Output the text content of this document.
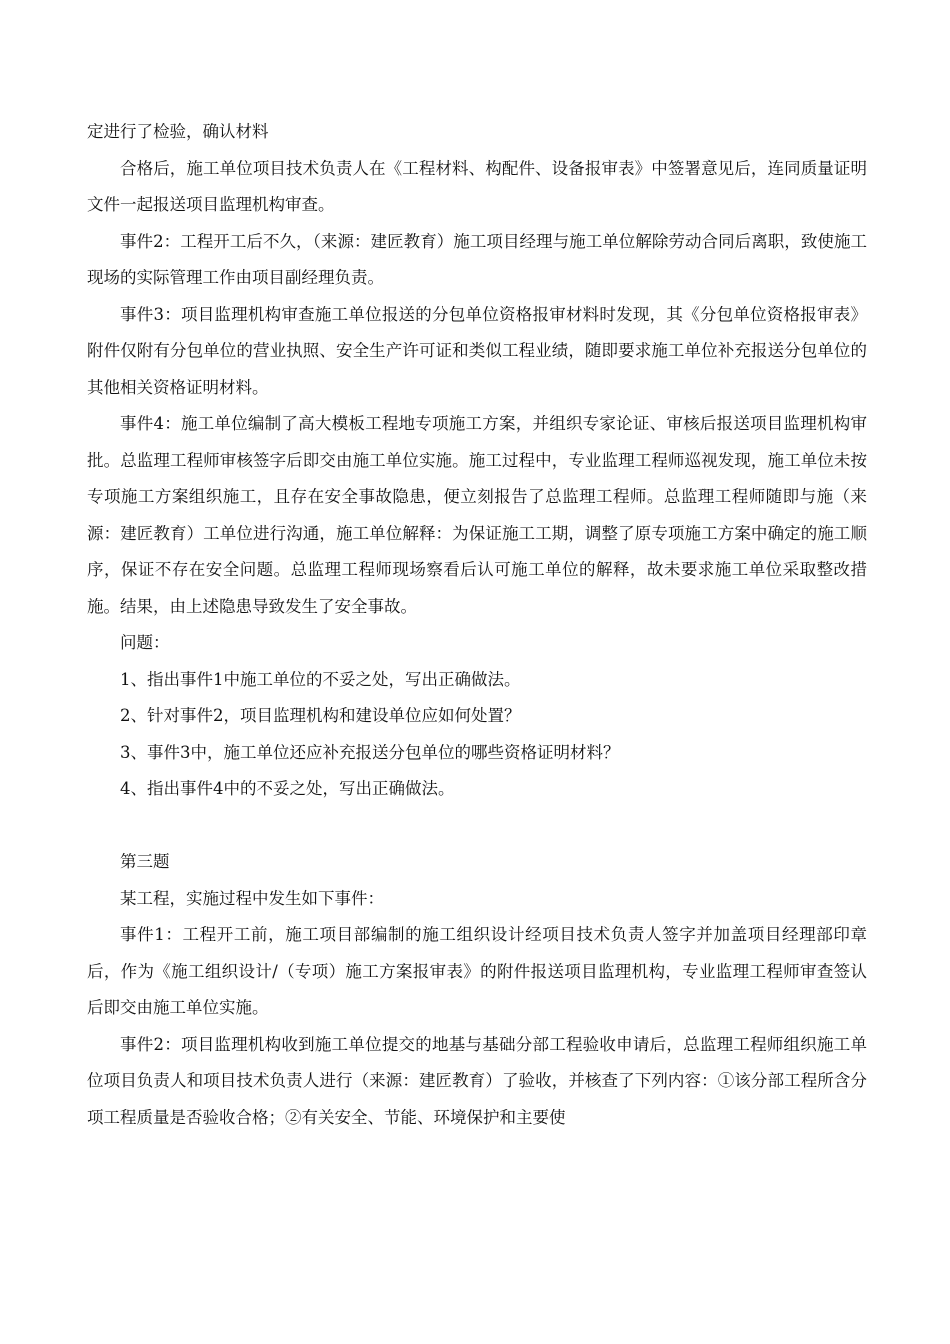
定进行了检验，确认材料

合格后，施工单位项目技术负责人在《工程材料、构配件、设备报审表》中签署意见后，连同质量证明文件一起报送项目监理机构审查。

事件2：工程开工后不久，（来源：建匠教育）施工项目经理与施工单位解除劳动合同后离职，致使施工现场的实际管理工作由项目副经理负责。

事件3：项目监理机构审查施工单位报送的分包单位资格报审材料时发现，其《分包单位资格报审表》附件仅附有分包单位的营业执照、安全生产许可证和类似工程业绩，随即要求施工单位补充报送分包单位的其他相关资格证明材料。

事件4：施工单位编制了高大模板工程地专项施工方案，并组织专家论证、审核后报送项目监理机构审批。总监理工程师审核签字后即交由施工单位实施。施工过程中，专业监理工程师巡视发现，施工单位未按专项施工方案组织施工，且存在安全事故隐患，便立刻报告了总监理工程师。总监理工程师随即与施（来源：建匠教育）工单位进行沟通，施工单位解释：为保证施工工期，调整了原专项施工方案中确定的施工顺序，保证不存在安全问题。总监理工程师现场察看后认可施工单位的解释，故未要求施工单位采取整改措施。结果，由上述隐患导致发生了安全事故。

问题：

1、指出事件1中施工单位的不妥之处，写出正确做法。

2、针对事件2，项目监理机构和建设单位应如何处置？

3、事件3中，施工单位还应补充报送分包单位的哪些资格证明材料？

4、指出事件4中的不妥之处，写出正确做法。

第三题

某工程，实施过程中发生如下事件：

事件1：工程开工前，施工项目部编制的施工组织设计经项目技术负责人签字并加盖项目经理部印章后，作为《施工组织设计/（专项）施工方案报审表》的附件报送项目监理机构，专业监理工程师审查签认后即交由施工单位实施。

事件2：项目监理机构收到施工单位提交的地基与基础分部工程验收申请后，总监理工程师组织施工单位项目负责人和项目技术负责人进行（来源：建匠教育）了验收，并核查了下列内容：①该分部工程所含分项工程质量是否验收合格；②有关安全、节能、环境保护和主要使
